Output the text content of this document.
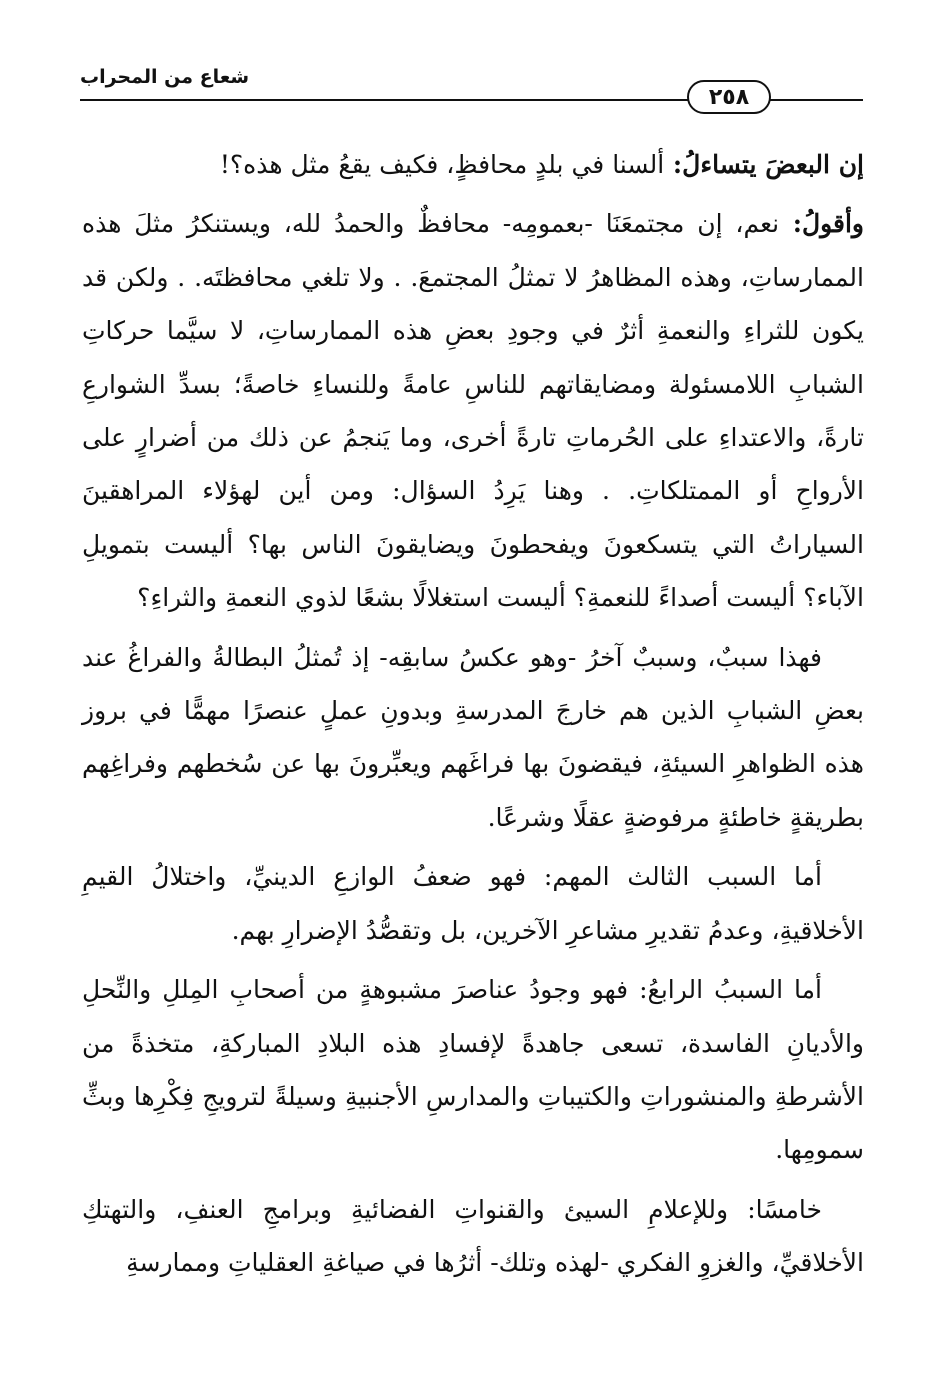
شعاع من المحراب
٢٥٨

إن البعضَ يتساءلُ: ألسنا في بلدٍ محافظٍ، فكيف يقعُ مثل هذه؟!

وأقولُ: نعم، إن مجتمعَنَا -بعمومِه- محافظٌ والحمدُ لله، ويستنكرُ مثلَ هذه الممارساتِ، وهذه المظاهرُ لا تمثلُ المجتمعَ. . ولا تلغي محافظتَه. . ولكن قد يكون للثراءِ والنعمةِ أثرٌ في وجودِ بعضِ هذه الممارساتِ، لا سيَّما حركاتِ الشبابِ اللامسئولة ومضايقاتهم للناسِ عامةً وللنساءِ خاصةً؛ بسدِّ الشوارعِ تارةً، والاعتداءِ على الحُرماتِ تارةً أخرى، وما يَنجمُ عن ذلك من أضرارٍ على الأرواحِ أو الممتلكاتِ. . وهنا يَرِدُ السؤال: ومن أين لهؤلاء المراهقينَ السياراتُ التي يتسكعونَ ويفحطونَ ويضايقونَ الناس بها؟ أليست بتمويلِ الآباء؟ أليست أصداءً للنعمةِ؟ أليست استغلالًا بشعًا لذوي النعمةِ والثراءِ؟

فهذا سببٌ، وسببٌ آخرُ -وهو عكسُ سابقِه- إذ تُمثلُ البطالةُ والفراغُ عند بعضِ الشبابِ الذين هم خارجَ المدرسةِ وبدونِ عملٍ عنصرًا مهمًّا في بروز هذه الظواهرِ السيئةِ، فيقضونَ بها فراغَهم ويعبِّرونَ بها عن سُخطهم وفراغِهم بطريقةٍ خاطئةٍ مرفوضةٍ عقلًا وشرعًا.

أما السبب الثالث المهم: فهو ضعفُ الوازعِ الدينيِّ، واختلالُ القيمِ الأخلاقيةِ، وعدمُ تقديرِ مشاعرِ الآخرين، بل وتقصُّدُ الإضرارِ بهم.

أما السببُ الرابعُ: فهو وجودُ عناصرَ مشبوهةٍ من أصحابِ المِللِ والنِّحلِ والأديانِ الفاسدة، تسعى جاهدةً لإفسادِ هذه البلادِ المباركةِ، متخذةً من الأشرطةِ والمنشوراتِ والكتيباتِ والمدارسِ الأجنبيةِ وسيلةً لترويجِ فِكْرِها وبثِّ سمومِها.

خامسًا: وللإعلامِ السيئ والقنواتِ الفضائيةِ وبرامجِ العنفِ، والتهتكِ الأخلاقيِّ، والغزوِ الفكري -لهذه وتلك- أثرُها في صياغةِ العقلياتِ وممارسةِ
